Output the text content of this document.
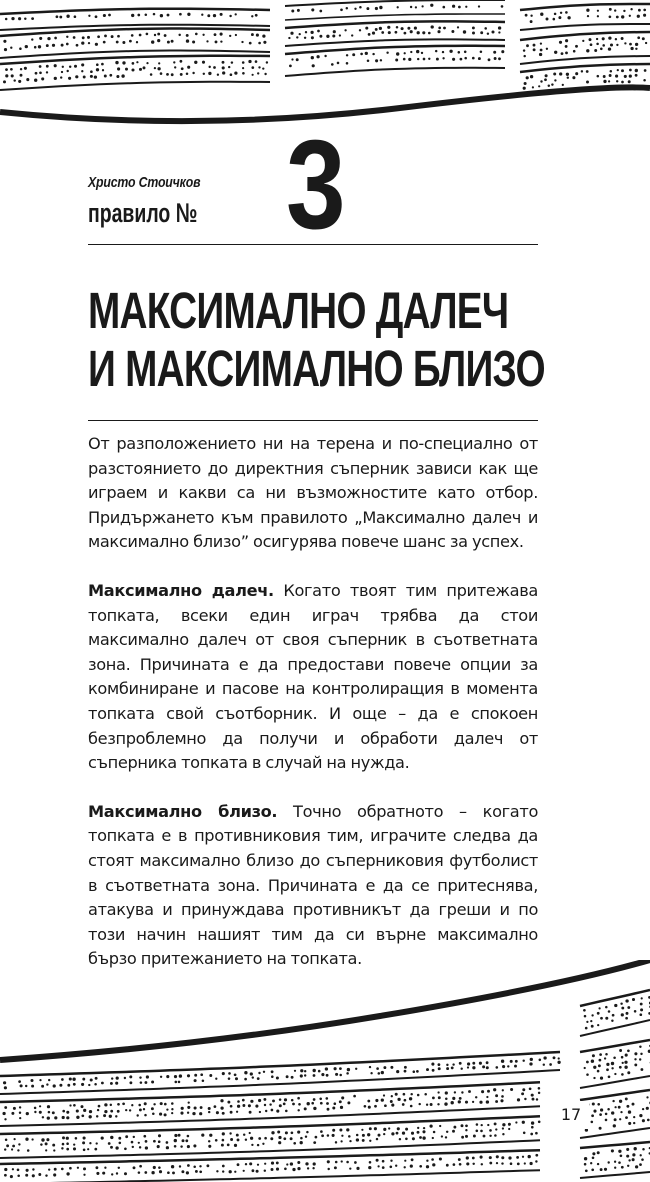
Христо Стоичков
правило № 3
МАКСИМАЛНО ДАЛЕЧ
И МАКСИМАЛНО БЛИЗО

От разположението ни на терена и по-специално от разстоянието до директния съперник зависи как ще играем и какви са ни възможностите като отбор. Придържането към правилото „Максимално далеч и максимално близо” осигурява повече шанс за успех.

Максимално далеч. Когато твоят тим притежава топката, всеки един играч трябва да стои максимално далеч от своя съперник в съответната зона. Причината е да предостави повече опции за комбиниране и пасове на контролиращия в момента топката свой съотборник. И още – да е спокоен безпроблемно да получи и обработи далеч от съперника топката в случай на нужда.

Максимално близо. Точно обратното – когато топката е в противниковия тим, играчите следва да стоят максимално близо до съперниковия футболист в съответната зона. Причината е да се притеснява, атакува и принуждава противникът да греши и по този начин нашият тим да си върне максимално бързо притежанието на топката.

17
